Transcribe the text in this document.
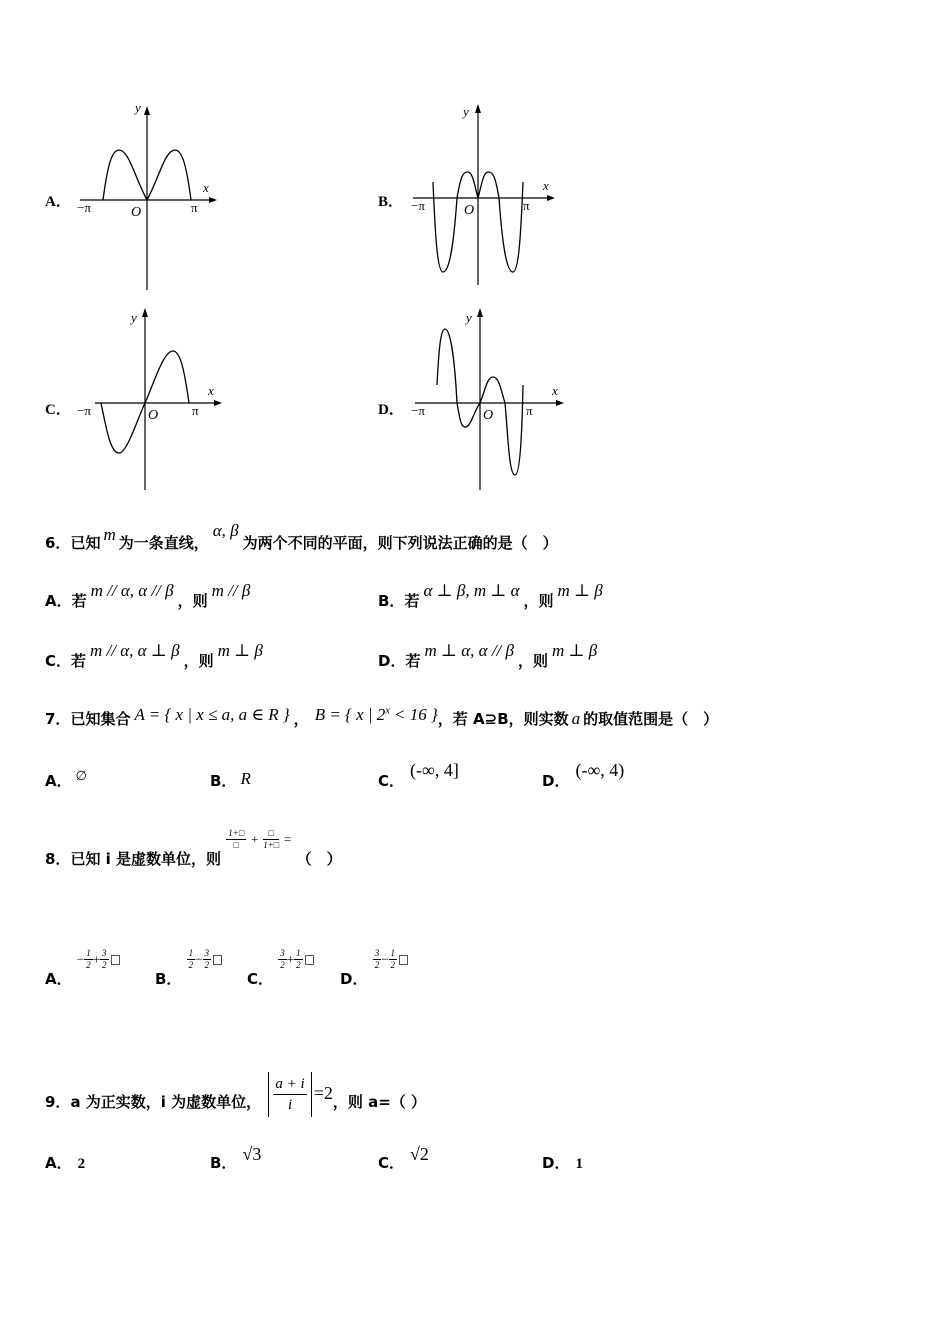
A．
y
x
−π	π
O
B．
y
x
−π	π
O
C．
y
x
−π	π
O	D．
y
x
−π	π
O
6．已知 m 为一条直线，α, β为两个不同的平面，则下列说法正确的是（　）
A．若m // α, α // β，则m // β
B．若α ⊥ β, m ⊥ α，则m ⊥ β
C．若m // α, α ⊥ β，则m ⊥ β
D．若m ⊥ α, α // β，则m ⊥ β
7．已知集合 A = { x | x ≤ a, a ∈ R } ， B = { x | $2^x < 16$ }，若 A⊇B，则实数 a 的取值范围是（　）
A． ∅	B． R	C．(-∞, 4]
D．(-∞, 4)
8．已知 i 是虚数单位，则
$\frac{1+□}{□} + \frac{□}{1+□}$ = （　）
A． − $\frac{1}{2} + \frac{3}{2}$
B．
$\frac{1}{2} - \frac{3}{2}$
C．
$\frac{3}{2} + \frac{1}{2}$
D．
$\frac{3}{2} - \frac{1}{2}$
9．a 为正实数，i 为虚数单位， $\frac{a + i}{i} =2$，则 a=（ ）
A． 2	B． √3	C． √2	D． 1
